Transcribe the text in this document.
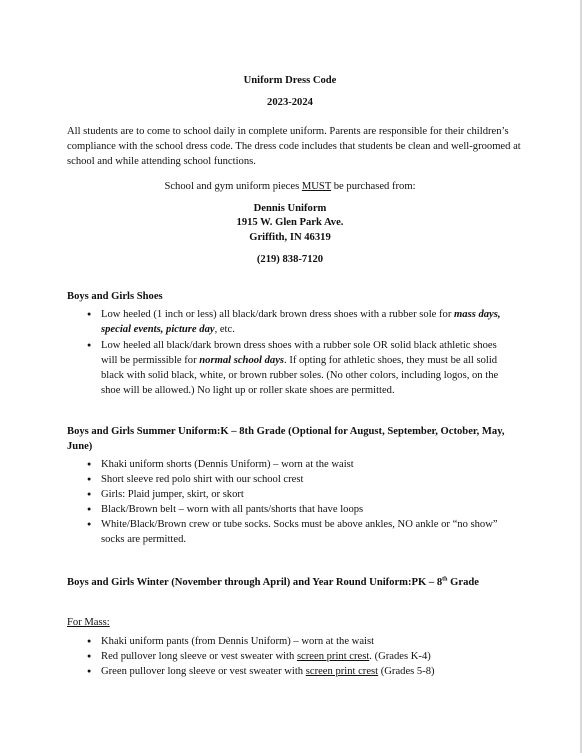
Uniform Dress Code
2023-2024
All students are to come to school daily in complete uniform. Parents are responsible for their children’s compliance with the school dress code. The dress code includes that students be clean and well-groomed at school and while attending school functions.
School and gym uniform pieces MUST be purchased from:
Dennis Uniform
1915 W. Glen Park Ave.
Griffith, IN 46319
(219) 838-7120
Boys and Girls Shoes
● Low heeled (1 inch or less) all black/dark brown dress shoes with a rubber sole for mass days, special events, picture day, etc.
● Low heeled all black/dark brown dress shoes with a rubber sole OR solid black athletic shoes will be permissible for normal school days. If opting for athletic shoes, they must be all solid black with solid black, white, or brown rubber soles. (No other colors, including logos, on the shoe will be allowed.) No light up or roller skate shoes are permitted.
Boys and Girls Summer Uniform:K – 8th Grade (Optional for August, September, October, May, June)
● Khaki uniform shorts (Dennis Uniform) – worn at the waist
● Short sleeve red polo shirt with our school crest
● Girls: Plaid jumper, skirt, or skort
● Black/Brown belt – worn with all pants/shorts that have loops
● White/Black/Brown crew or tube socks. Socks must be above ankles, NO ankle or “no show” socks are permitted.
Boys and Girls Winter (November through April) and Year Round Uniform:PK – 8th Grade
For Mass:
● Khaki uniform pants (from Dennis Uniform) – worn at the waist
● Red pullover long sleeve or vest sweater with screen print crest. (Grades K-4)
● Green pullover long sleeve or vest sweater with screen print crest (Grades 5-8)
